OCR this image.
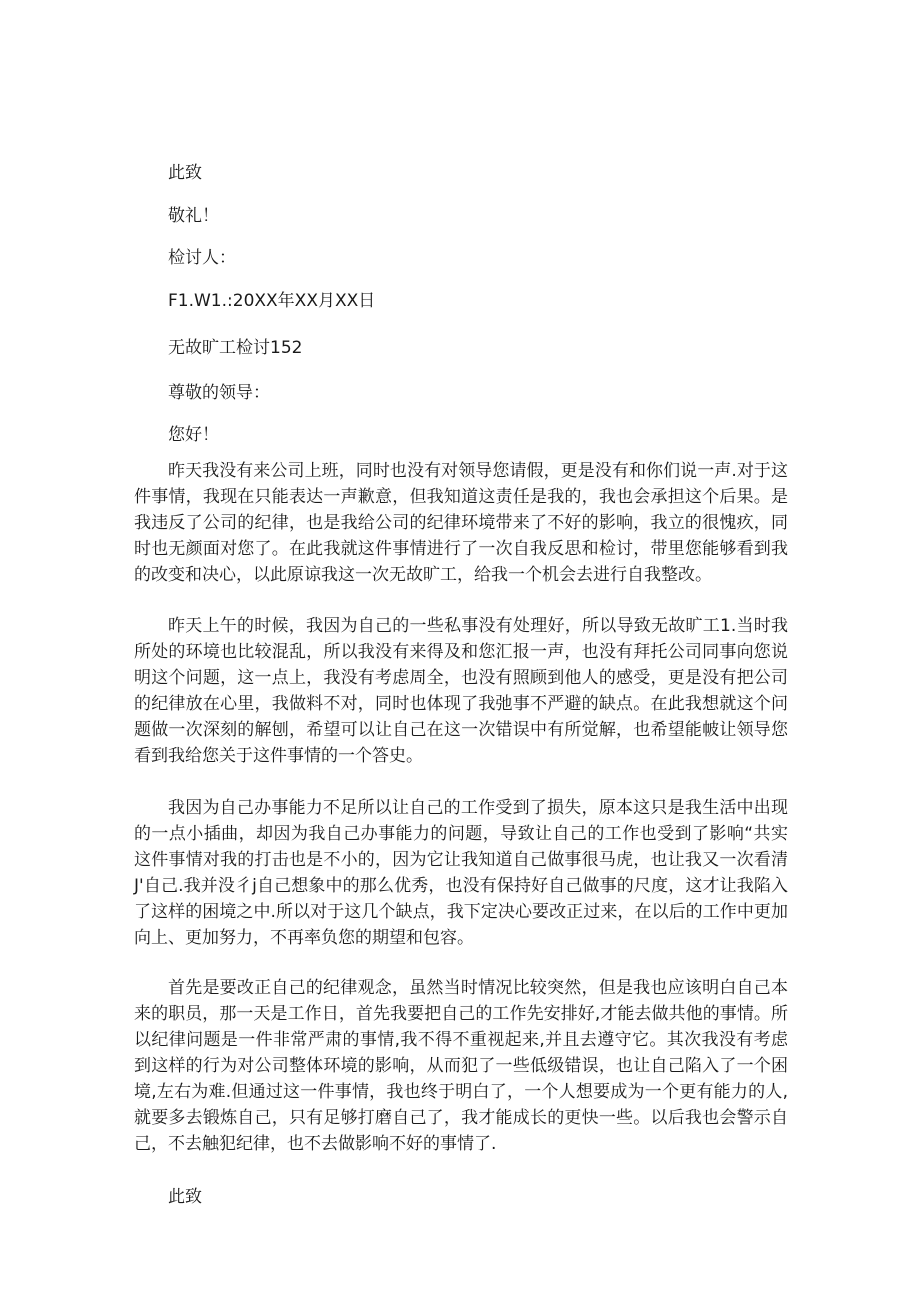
此致
敬礼！
检讨人：
F1.W1.:20XX年XX月XX日
无故旷工检讨152
尊敬的领导：
您好！

昨天我没有来公司上班，同时也没有对领导您请假，更是没有和你们说一声.对于这件事情，我现在只能表达一声歉意，但我知道这责任是我的，我也会承担这个后果。是我违反了公司的纪律，也是我给公司的纪律环境带来了不好的影响，我立的很愧疚，同时也无颜面对您了。在此我就这件事情进行了一次自我反思和检讨，带里您能够看到我的改变和决心，以此原谅我这一次无故旷工，给我一个机会去进行自我整改。

昨天上午的时候，我因为自己的一些私事没有处理好，所以导致无故旷工1.当时我所处的环境也比较混乱，所以我没有来得及和您汇报一声，也没有拜托公司同事向您说明这个问题，这一点上，我没有考虑周全，也没有照顾到他人的感受，更是没有把公司的纪律放在心里，我做料不对，同时也体现了我弛事不严避的缺点。在此我想就这个问题做一次深刻的解刨，希望可以让自己在这一次错误中有所觉解，也希望能帔让领导您看到我给您关于这件事情的一个答史。

我因为自己办事能力不足所以让自己的工作受到了损失，原本这只是我生活中出现的一点小插曲，却因为我自己办事能力的问题，导致让自己的工作也受到了影响“共实这件事情对我的打击也是不小的，因为它让我知道自己做事很马虎，也让我又一次看清J'自己.我并没彳j自己想象中的那么优秀，也没有保持好自己做事的尺度，这才让我陷入了这样的困境之中.所以对于这几个缺点，我下定决心要改正过来，在以后的工作中更加向上、更加努力，不再率负您的期望和包容。

首先是要改正自己的纪律观念，虽然当时情况比较突然，但是我也应该明白自己本来的职员，那一天是工作日，首先我要把自己的工作先安排好,才能去做共他的事情。所以纪律问题是一件非常严肃的事情,我不得不重视起来,并且去遵守它。其次我没有考虑到这样的行为对公司整体环境的影响，从而犯了一些低级错误，也让自己陷入了一个困境,左右为难.但通过这一件事情，我也终于明白了，一个人想要成为一个更有能力的人,就要多去锻炼自己，只有足够打磨自己了，我才能成长的更快一些。以后我也会警示自己，不去触犯纪律，也不去做影响不好的事情了.

此致
